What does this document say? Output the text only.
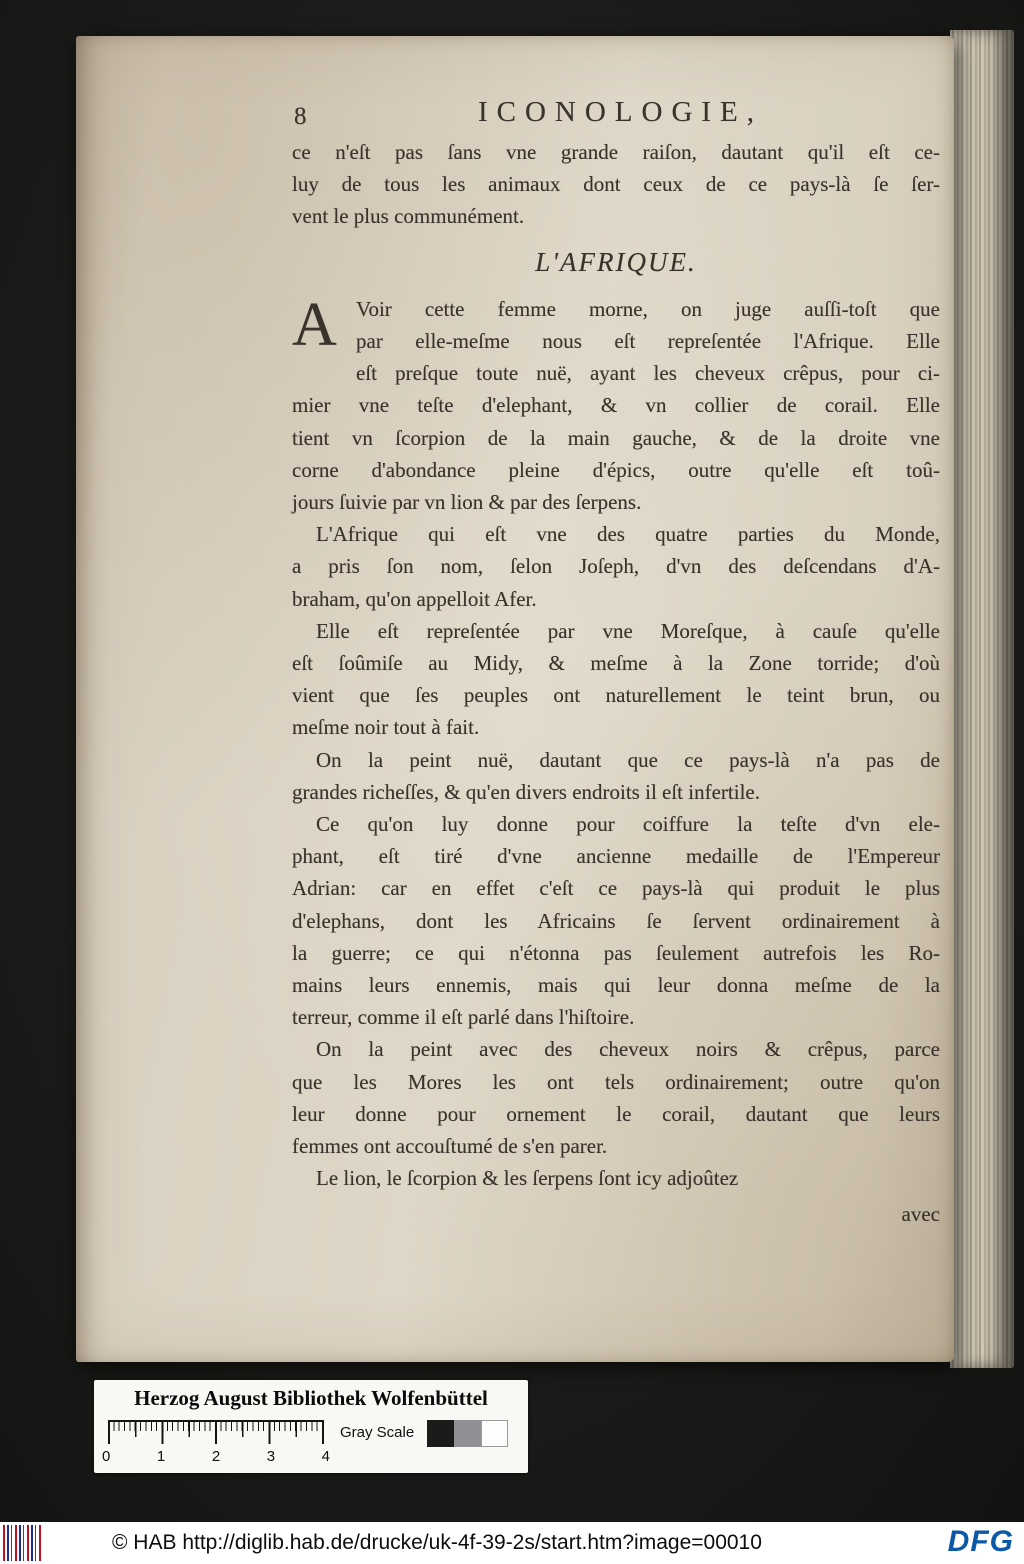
8	ICONOLOGIE,
ce n'eſt pas ſans vne grande raiſon, dautant qu'il eſt ce-
luy de tous les animaux dont ceux de ce pays-là ſe ſer-
vent le plus communément.
L'AFRIQUE.
A Voir cette femme morne, on juge auſſi-toſt que
par elle-meſme nous eſt repreſentée l'Afrique. Elle
eſt preſque toute nuë, ayant les cheveux crêpus, pour ci-
mier vne teſte d'elephant, & vn collier de corail. Elle
tient vn ſcorpion de la main gauche, & de la droite vne
corne d'abondance pleine d'épics, outre qu'elle eſt toû-
jours ſuivie par vn lion & par des ſerpens.
L'Afrique qui eſt vne des quatre parties du Monde,
a pris ſon nom, ſelon Joſeph, d'vn des deſcendans d'A-
braham, qu'on appelloit Afer.
Elle eſt repreſentée par vne Moreſque, à cauſe qu'elle
eſt ſoûmiſe au Midy, & meſme à la Zone torride; d'où
vient que ſes peuples ont naturellement le teint brun, ou
meſme noir tout à fait.
On la peint nuë, dautant que ce pays-là n'a pas de
grandes richeſſes, & qu'en divers endroits il eſt infertile.
Ce qu'on luy donne pour coiffure la teſte d'vn ele-
phant, eſt tiré d'vne ancienne medaille de l'Empereur
Adrian: car en effet c'eſt ce pays-là qui produit le plus
d'elephans, dont les Africains ſe ſervent ordinairement à
la guerre; ce qui n'étonna pas ſeulement autrefois les Ro-
mains leurs ennemis, mais qui leur donna meſme de la
terreur, comme il eſt parlé dans l'hiſtoire.
On la peint avec des cheveux noirs & crêpus, parce
que les Mores les ont tels ordinairement; outre qu'on
leur donne pour ornement le corail, dautant que leurs
femmes ont accouſtumé de s'en parer.
Le lion, le ſcorpion & les ſerpens ſont icy adjoûtez
avec
Herzog August Bibliothek Wolfenbüttel
0	1	2	3	4
Gray Scale
© HAB http://diglib.hab.de/drucke/uk-4f-39-2s/start.htm?image=00010	DFG
